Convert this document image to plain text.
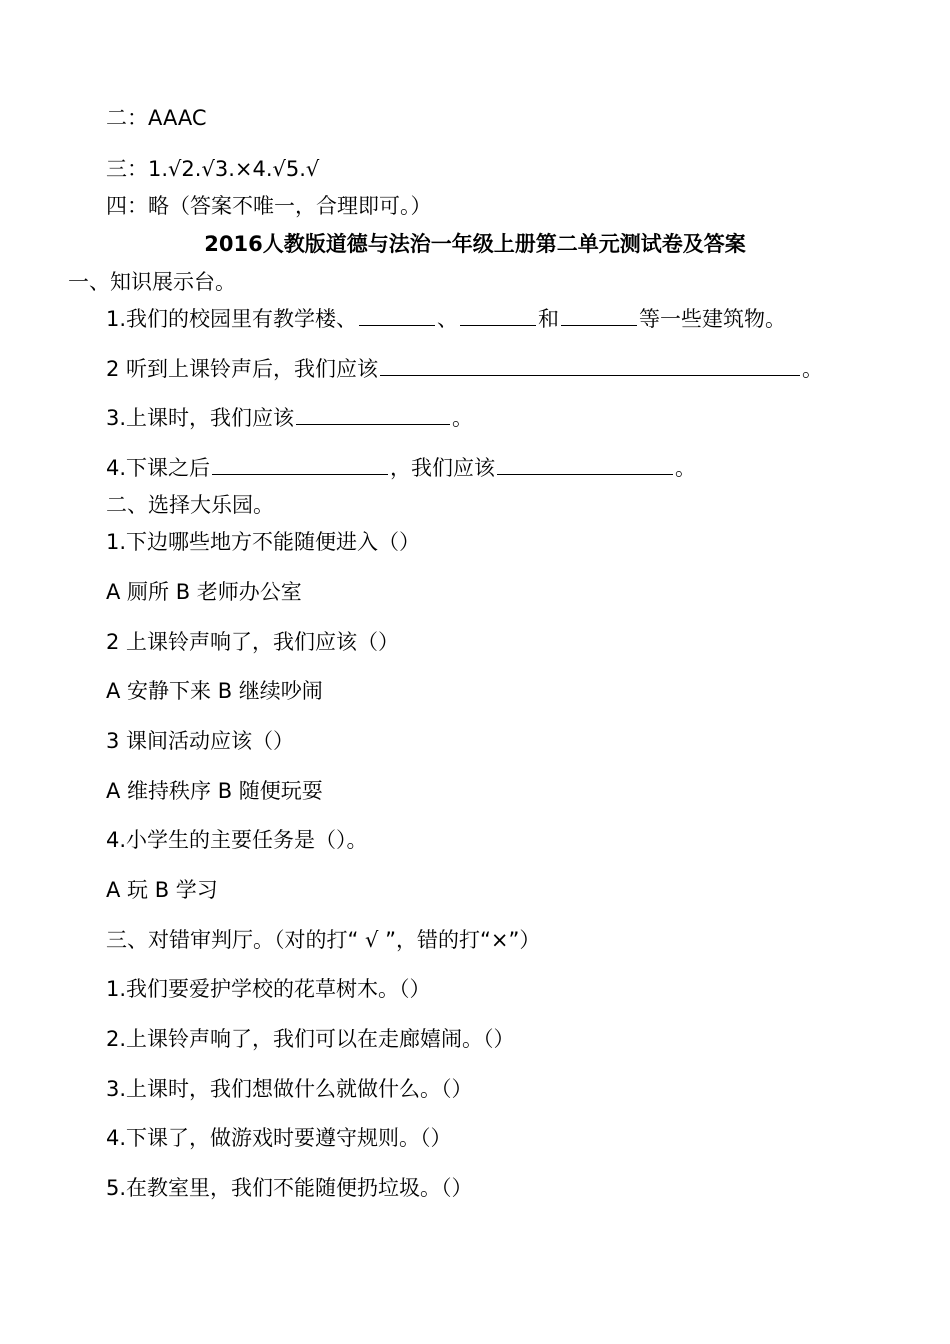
二：AAAC
三：1.√2.√3.×4.√5.√
四：略（答案不唯一，合理即可。）
2016人教版道德与法治一年级上册第二单元测试卷及答案
一、知识展示台。
1.我们的校园里有教学楼、	、	和	等一些建筑物。
2 听到上课铃声后，我们应该	。
3.上课时，我们应该	。
4.下课之后	，我们应该	。
二、选择大乐园。
1.下边哪些地方不能随便进入（）
A 厕所 B 老师办公室
2 上课铃声响了，我们应该（）
A 安静下来 B 继续吵闹
3 课间活动应该（）
A 维持秩序 B 随便玩耍
4.小学生的主要任务是（）。
A 玩 B 学习
三、对错审判厅。（对的打“ √ ”，错的打“×”）
1.我们要爱护学校的花草树木。（）
2.上课铃声响了，我们可以在走廊嬉闹。（）
3.上课时，我们想做什么就做什么。（）
4.下课了，做游戏时要遵守规则。（）
5.在教室里，我们不能随便扔垃圾。（）
